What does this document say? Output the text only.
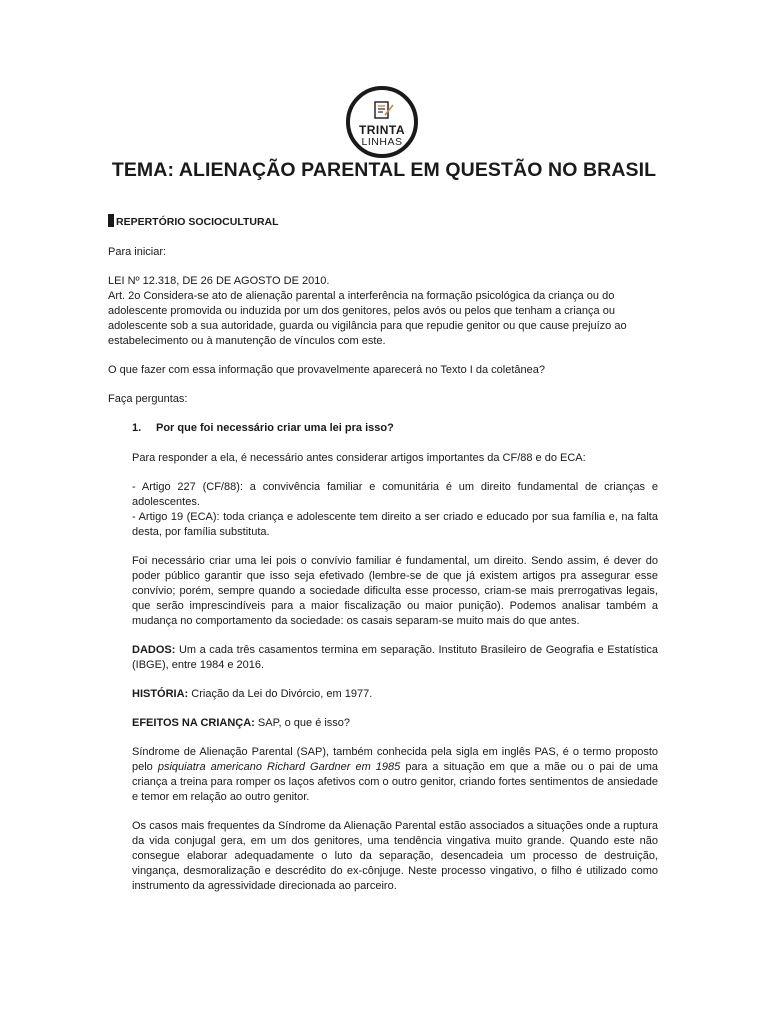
TRINTA
LINHAS
TEMA: ALIENAÇÃO PARENTAL EM QUESTÃO NO BRASIL
REPERTÓRIO SOCIOCULTURAL

Para iniciar:

LEI Nº 12.318, DE 26 DE AGOSTO DE 2010.
Art. 2o Considera-se ato de alienação parental a interferência na formação psicológica da criança ou do adolescente promovida ou induzida por um dos genitores, pelos avós ou pelos que tenham a criança ou adolescente sob a sua autoridade, guarda ou vigilância para que repudie genitor ou que cause prejuízo ao estabelecimento ou à manutenção de vínculos com este.

O que fazer com essa informação que provavelmente aparecerá no Texto I da coletânea?

Faça perguntas:

1. Por que foi necessário criar uma lei pra isso?

Para responder a ela, é necessário antes considerar artigos importantes da CF/88 e do ECA:

- Artigo 227 (CF/88): a convivência familiar e comunitária é um direito fundamental de crianças e adolescentes.
- Artigo 19 (ECA): toda criança e adolescente tem direito a ser criado e educado por sua família e, na falta desta, por família substituta.

Foi necessário criar uma lei pois o convívio familiar é fundamental, um direito. Sendo assim, é dever do poder público garantir que isso seja efetivado (lembre-se de que já existem artigos pra assegurar esse convívio; porém, sempre quando a sociedade dificulta esse processo, criam-se mais prerrogativas legais, que serão imprescindíveis para a maior fiscalização ou maior punição). Podemos analisar também a mudança no comportamento da sociedade: os casais separam-se muito mais do que antes.

DADOS: Um a cada três casamentos termina em separação. Instituto Brasileiro de Geografia e Estatística (IBGE), entre 1984 e 2016.

HISTÓRIA: Criação da Lei do Divórcio, em 1977.

EFEITOS NA CRIANÇA: SAP, o que é isso?

Síndrome de Alienação Parental (SAP), também conhecida pela sigla em inglês PAS, é o termo proposto pelo psiquiatra americano Richard Gardner em 1985 para a situação em que a mãe ou o pai de uma criança a treina para romper os laços afetivos com o outro genitor, criando fortes sentimentos de ansiedade e temor em relação ao outro genitor.

Os casos mais frequentes da Síndrome da Alienação Parental estão associados a situações onde a ruptura da vida conjugal gera, em um dos genitores, uma tendência vingativa muito grande. Quando este não consegue elaborar adequadamente o luto da separação, desencadeia um processo de destruição, vingança, desmoralização e descrédito do ex-cônjuge. Neste processo vingativo, o filho é utilizado como instrumento da agressividade direcionada ao parceiro.
